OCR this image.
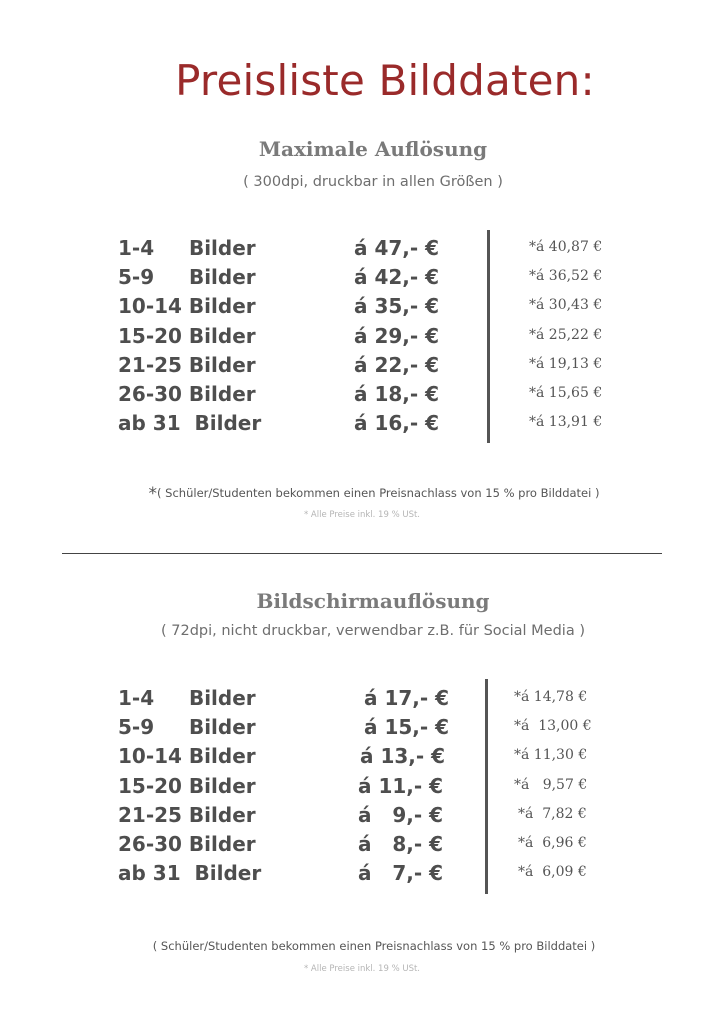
Preisliste Bilddaten:
Maximale Auflösung
( 300dpi, druckbar in allen Größen )
1-4     Bilder	á 47,- €	*á 40,87 €
5-9     Bilder	á 42,- €	*á 36,52 €
10-14 Bilder	á 35,- €	*á 30,43 €
15-20 Bilder	á 29,- €	*á 25,22 €
21-25 Bilder	á 22,- €	*á 19,13 €
26-30 Bilder	á 18,- €	*á 15,65 €
ab 31  Bilder	á 16,- €	*á 13,91 €
*( Schüler/Studenten bekommen einen Preisnachlass von 15 % pro Bilddatei )
* Alle Preise inkl. 19 % USt.
Bildschirmauflösung
( 72dpi, nicht druckbar, verwendbar z.B. für Social Media )
1-4     Bilder	á 17,- €	*á 14,78 €
5-9     Bilder	á 15,- €	*á  13,00 €
10-14 Bilder	á 13,- €	*á 11,30 €
15-20 Bilder	á 11,- €	*á   9,57 €
21-25 Bilder	á   9,- €	*á  7,82 €
26-30 Bilder	á   8,- €	*á  6,96 €
ab 31  Bilder	á   7,- €	*á  6,09 €
( Schüler/Studenten bekommen einen Preisnachlass von 15 % pro Bilddatei )
* Alle Preise inkl. 19 % USt.
